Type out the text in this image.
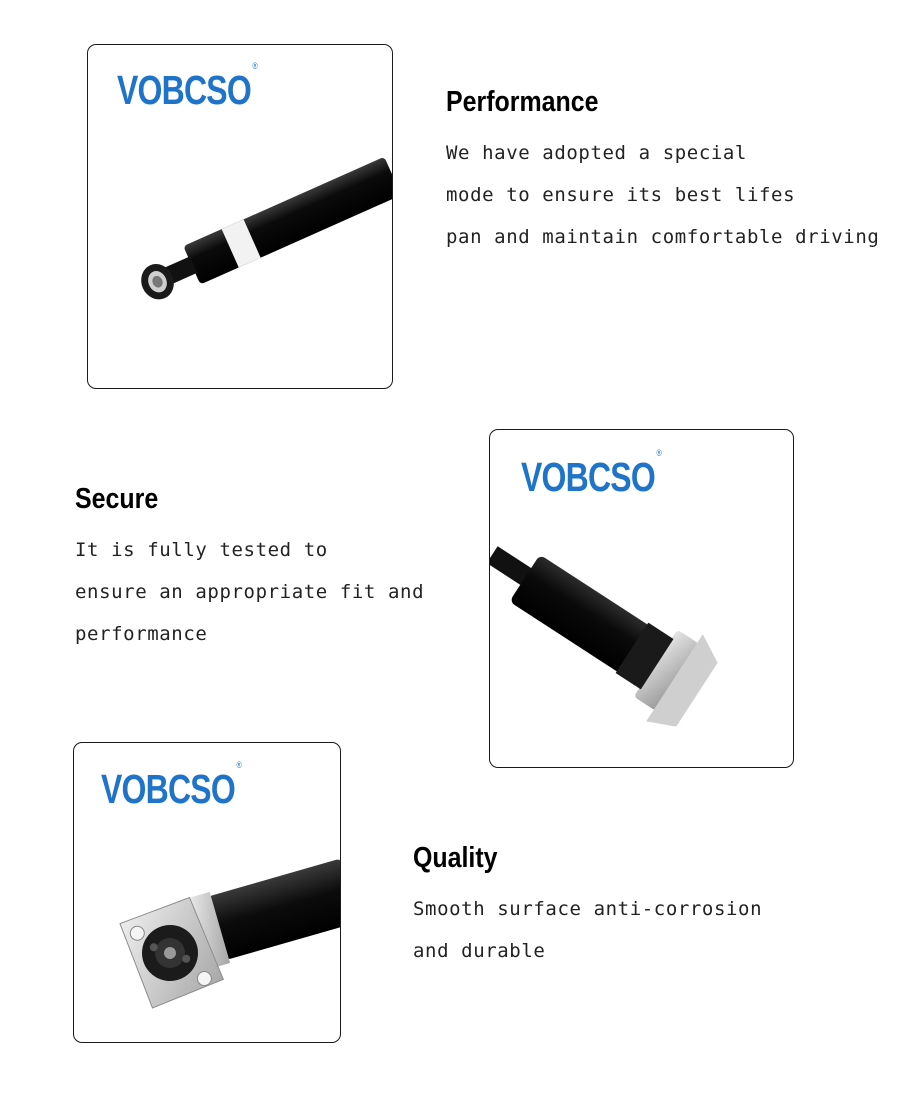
VOBCSO®
Performance

We have adopted a special
mode to ensure its best lifes
pan and maintain comfortable driving

Secure

It is fully tested to
ensure an appropriate fit and
performance

VOBCSO®
VOBCSO®
Quality

Smooth surface anti-corrosion
and durable
